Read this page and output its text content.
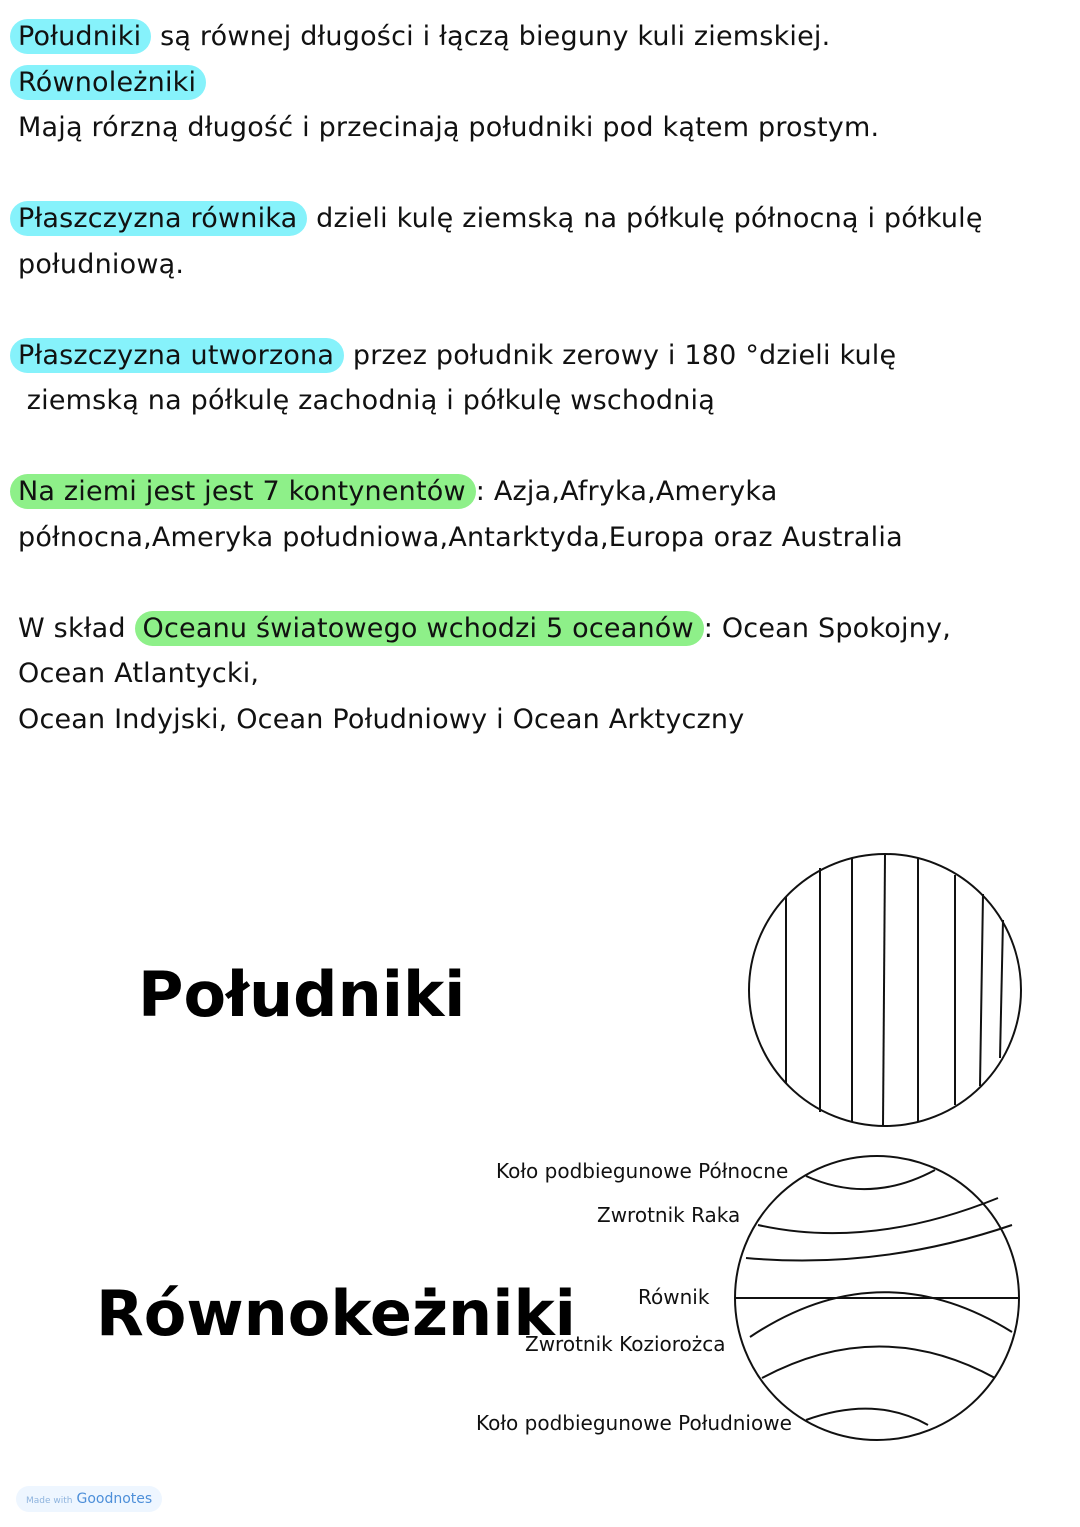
Południki są równej długości i łączą bieguny kuli ziemskiej.
Równoleżniki
Mają rórzną długość i przecinają południki pod kątem prostym.
Płaszczyzna równika dzieli kulę ziemską na półkulę północną i półkulę
południową.
Płaszczyzna utworzona przez południk zerowy i 180 °dzieli kulę
ziemską na półkulę zachodnią i półkulę wschodnią
Na ziemi jest jest 7 kontynentów : Azja,Afryka,Ameryka
północna,Ameryka południowa,Antarktyda,Europa oraz Australia
W skład Oceanu światowego wchodzi 5 oceanów : Ocean Spokojny,
Ocean Atlantycki,
Ocean Indyjski, Ocean Południowy i Ocean Arktyczny
Południki
Równokeżniki
Koło podbiegunowe Północne
Zwrotnik Raka
Równik
Zwrotnik Koziorożca
Koło podbiegunowe Południowe
Made with Goodnotes
